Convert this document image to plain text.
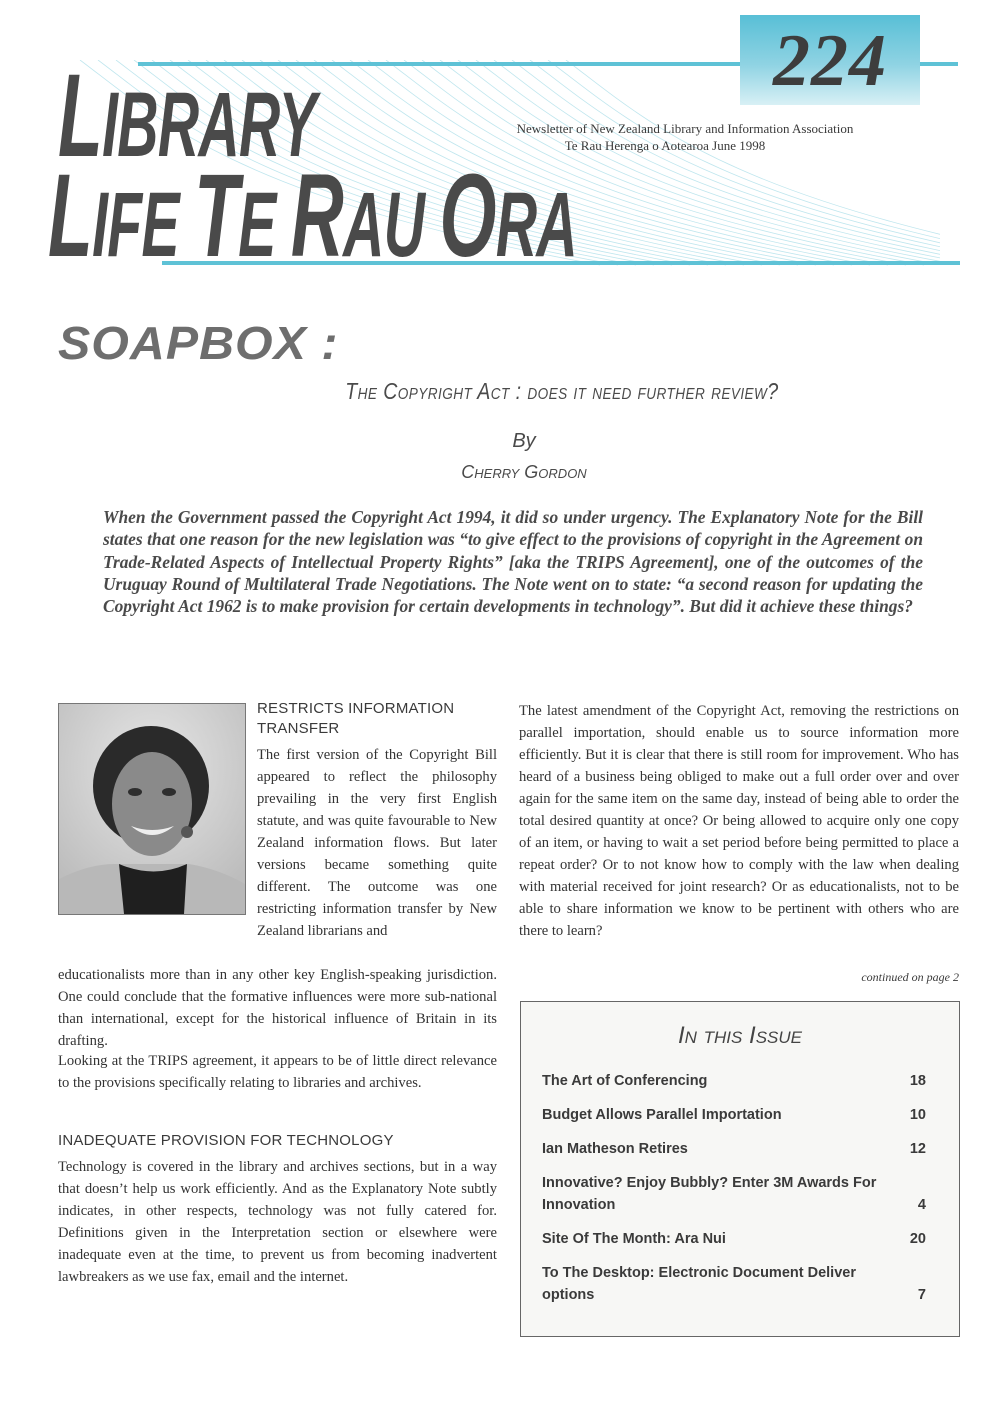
224
LIBRARY
LIFE TE RAU ORA
Newsletter of New Zealand Library and Information Association
Te Rau Herenga o Aotearoa June 1998
SOAPBOX :
The Copyright Act : does it need further review?
By
Cherry Gordon
When the Government passed the Copyright Act 1994, it did so under urgency. The Explanatory Note for the Bill states that one reason for the new legislation was “to give effect to the provisions of copyright in the Agreement on Trade-Related Aspects of Intellectual Property Rights” [aka the TRIPS Agreement], one of the outcomes of the Uruguay Round of Multilateral Trade Negotiations. The Note went on to state: “a second reason for updating the Copyright Act 1962 is to make provision for certain developments in technology”. But did it achieve these things?
RESTRICTS INFORMATION TRANSFER
The first version of the Copyright Bill appeared to reflect the philosophy prevailing in the very first English statute, and was quite favourable to New Zealand information flows. But later versions became something quite different. The outcome was one restricting information transfer by New Zealand librarians and
educationalists more than in any other key English-speaking jurisdiction. One could conclude that the formative influences were more sub-national than international, except for the historical influence of Britain in its drafting.
Looking at the TRIPS agreement, it appears to be of little direct relevance to the provisions specifically relating to libraries and archives.
INADEQUATE PROVISION FOR TECHNOLOGY
Technology is covered in the library and archives sections, but in a way that doesn’t help us work efficiently. And as the Explanatory Note subtly indicates, in other respects, technology was not fully catered for. Definitions given in the Interpretation section or elsewhere were inadequate even at the time, to prevent us from becoming inadvertent lawbreakers as we use fax, email and the internet.
The latest amendment of the Copyright Act, removing the restrictions on parallel importation, should enable us to source information more efficiently. But it is clear that there is still room for improvement. Who has heard of a business being obliged to make out a full order over and over again for the same item on the same day, instead of being able to order the total desired quantity at once? Or being allowed to acquire only one copy of an item, or having to wait a set period before being permitted to place a repeat order? Or to not know how to comply with the law when dealing with material received for joint research? Or as educationalists, not to be able to share information we know to be pertinent with others who are there to learn?
continued on page 2
In this Issue
The Art of Conferencing	18
Budget Allows Parallel Importation	10
Ian Matheson Retires	12
Innovative? Enjoy Bubbly? Enter 3M Awards For Innovation	4
Site Of The Month: Ara Nui	20
To The Desktop: Electronic Document Deliver options	7
